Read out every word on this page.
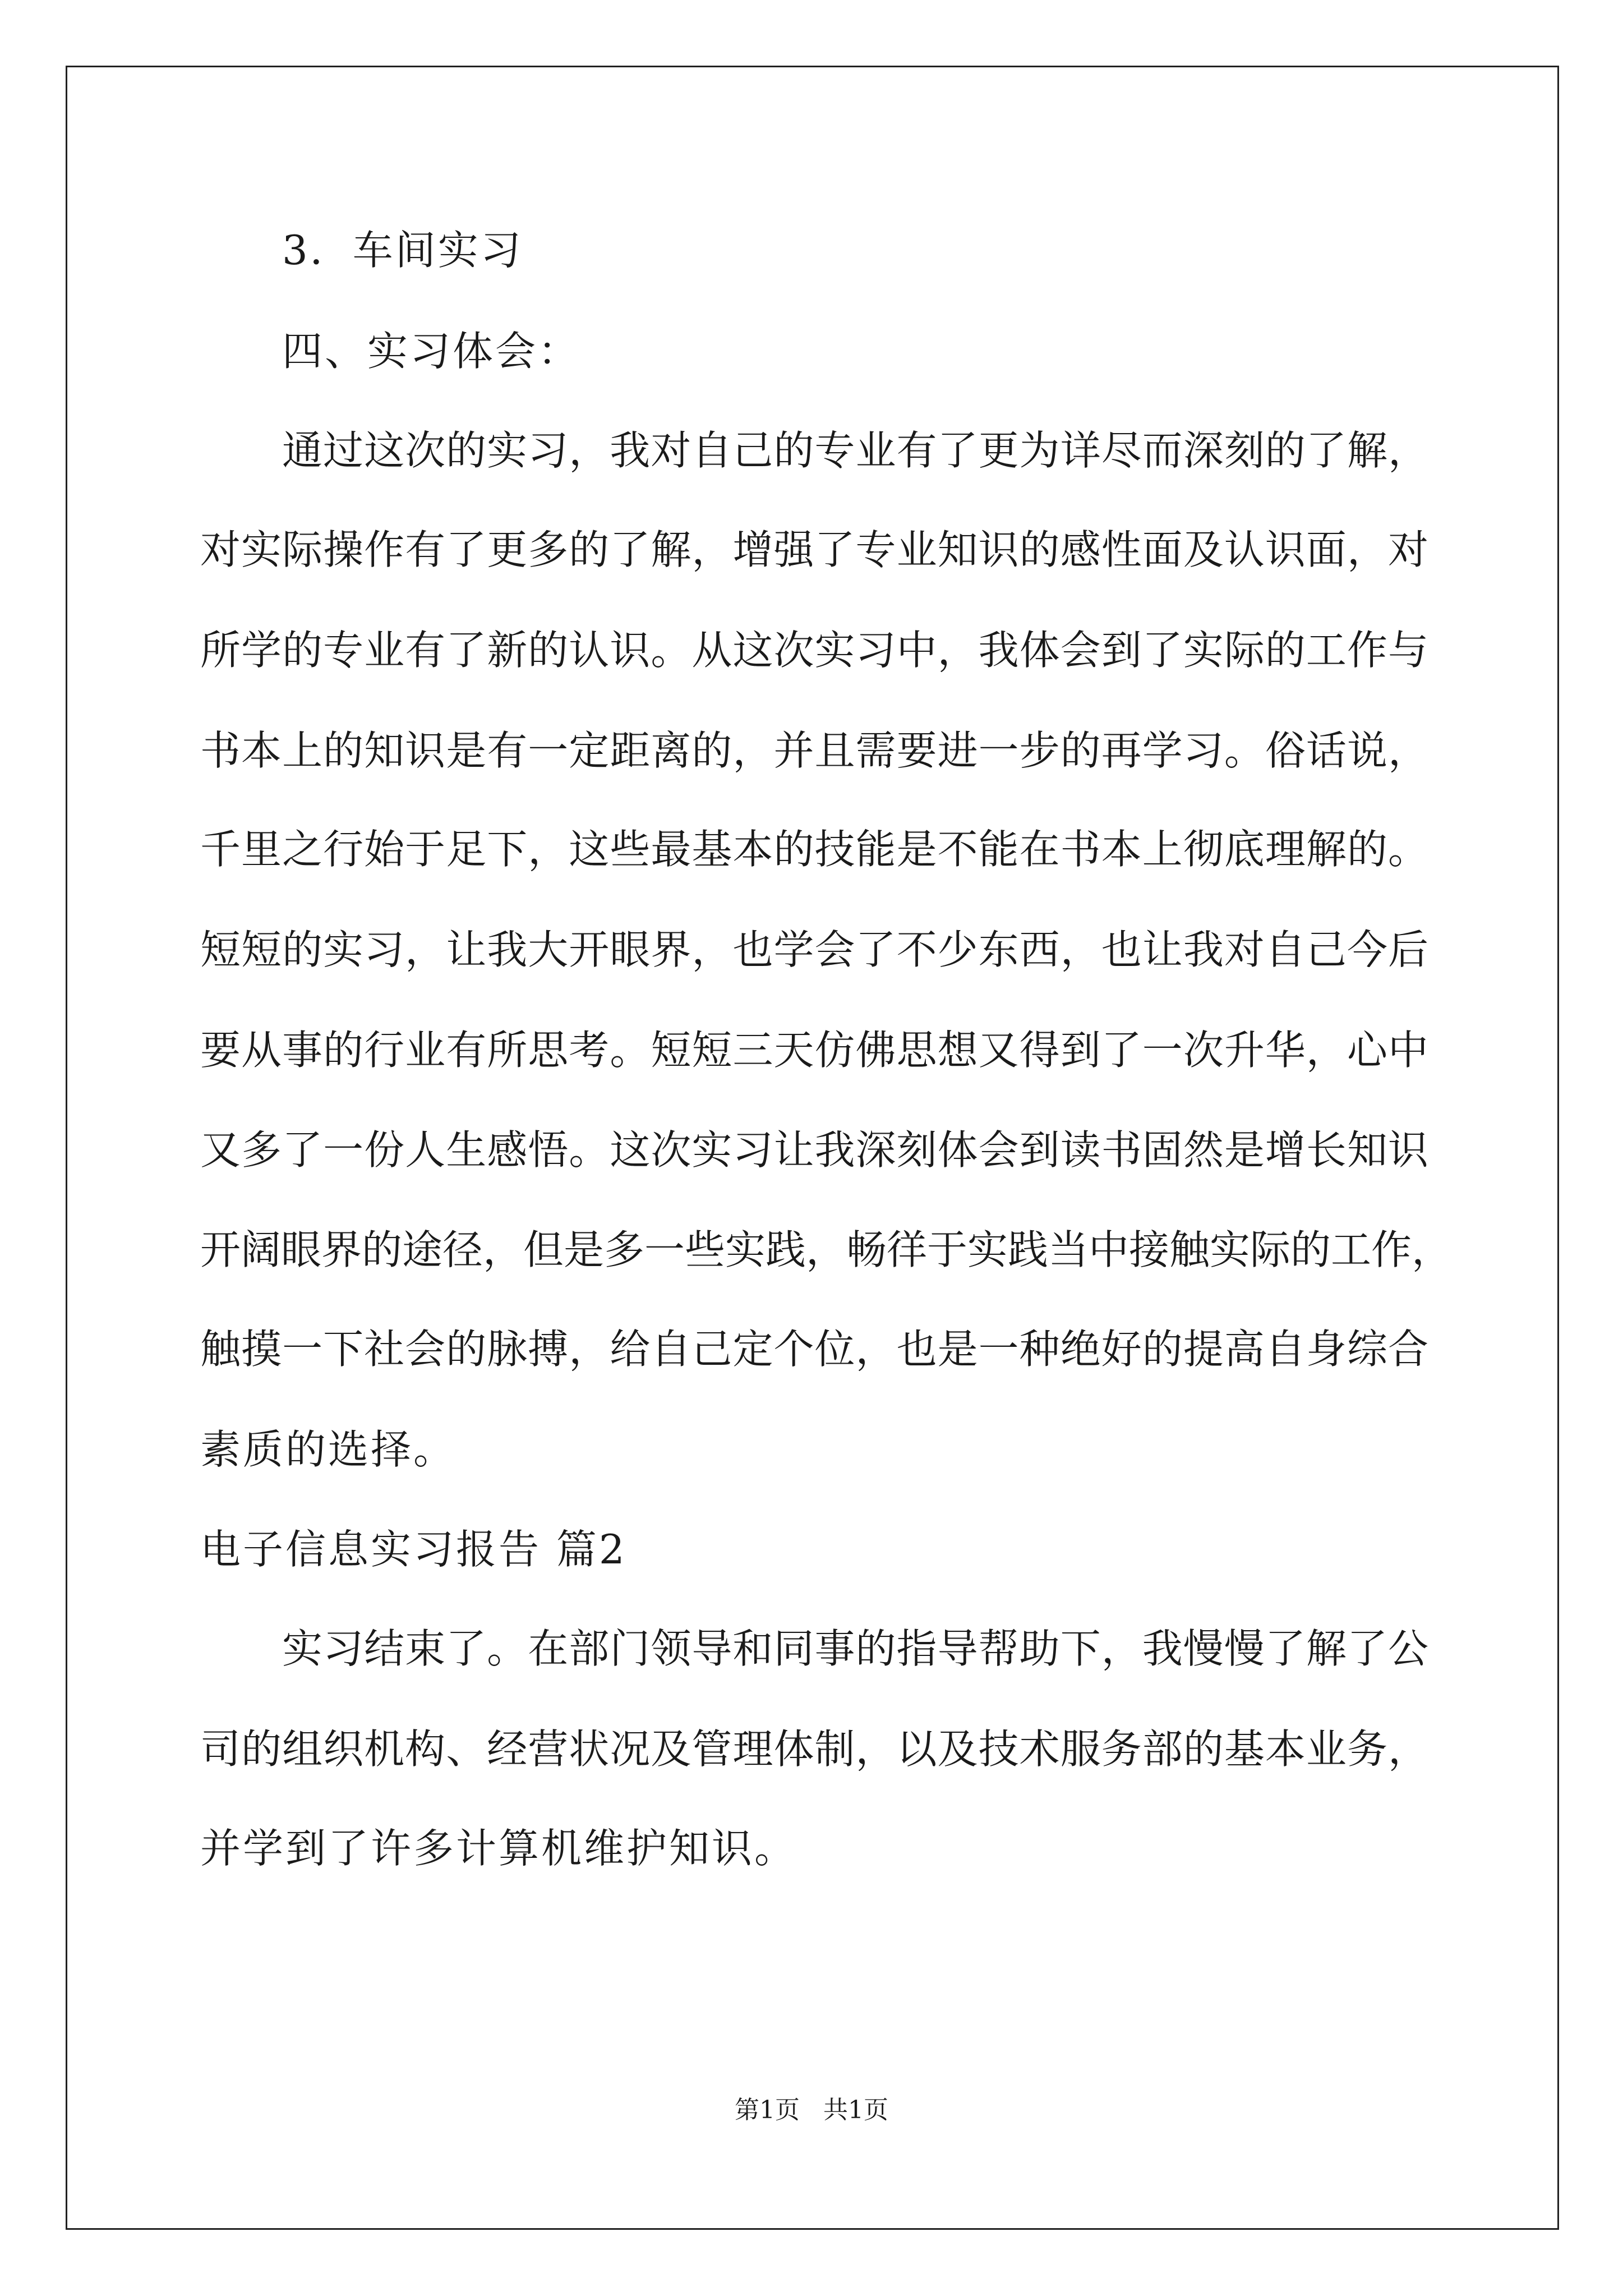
3．车间实习
四、实习体会：
通过这次的实习，我对自己的专业有了更为详尽而深刻的了解，
对实际操作有了更多的了解，增强了专业知识的感性面及认识面，对
所学的专业有了新的认识。从这次实习中，我体会到了实际的工作与
书本上的知识是有一定距离的，并且需要进一步的再学习。俗话说，
千里之行始于足下，这些最基本的技能是不能在书本上彻底理解的。
短短的实习，让我大开眼界，也学会了不少东西，也让我对自己今后
要从事的行业有所思考。短短三天仿佛思想又得到了一次升华，心中
又多了一份人生感悟。这次实习让我深刻体会到读书固然是增长知识
开阔眼界的途径，但是多一些实践，畅徉于实践当中接触实际的工作，
触摸一下社会的脉搏，给自己定个位，也是一种绝好的提高自身综合
素质的选择。
电子信息实习报告 篇2
实习结束了。在部门领导和同事的指导帮助下，我慢慢了解了公
司的组织机构、经营状况及管理体制，以及技术服务部的基本业务，
并学到了许多计算机维护知识。
第1页   共1页
